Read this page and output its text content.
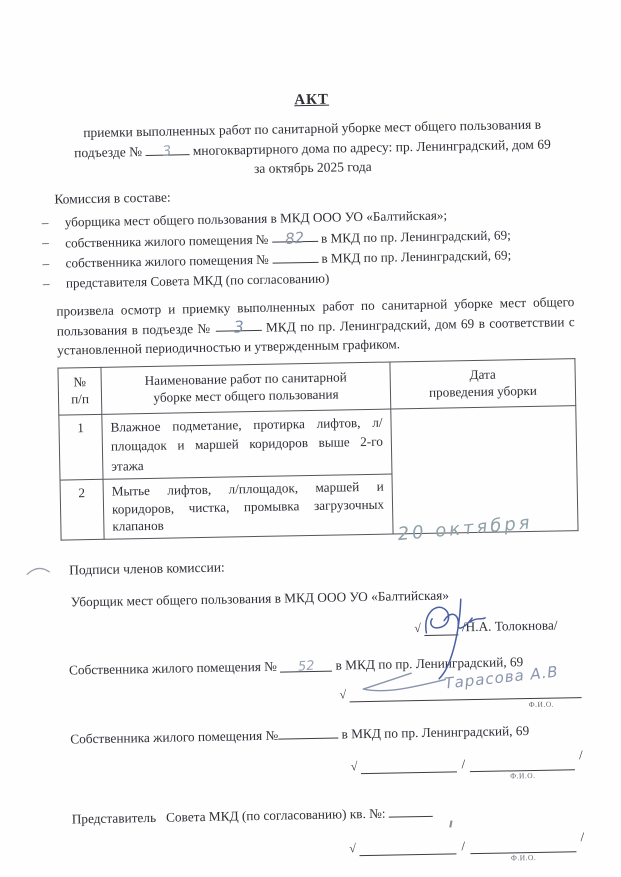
АКТ
приемки выполненных работ по санитарной уборке мест общего пользования в
подъезде № 3 многоквартирного дома по адресу: пр. Ленинградский, дом 69
за октябрь 2025 года
Комиссия в составе:
–	уборщика мест общего пользования в МКД ООО УО «Балтийская»;
–	собственника жилого помещения № 82 в МКД по пр. Ленинградский, 69;
–	собственника жилого помещения №	в МКД по пр. Ленинградский, 69;
–	представителя Совета МКД (по согласованию)
произвела осмотр и приемку выполненных работ по санитарной уборке мест общего пользования в подъезде № 3 МКД по пр. Ленинградский, дом 69 в соответствии с установленной периодичностью и утвержденным графиком.
№
п/п	Наименование работ по санитарной уборке мест общего пользования	Дата
проведения уборки

1	Влажное подметание, протирка лифтов, л/площадок и маршей коридоров выше 2-го этажа	20 октября

2	Мытье лифтов, л/площадок, маршей и коридоров, чистка, промывка загрузочных клапанов	
Подписи членов комиссии:
Уборщик мест общего пользования в МКД ООО УО «Балтийская»
√	/Н.А. Толокнова/
Собственника жилого помещения № 52 в МКД по пр. Ленинградский, 69
√
Тарасова А.В
Ф.И.О.
Собственника жилого помещения №	в МКД по пр. Ленинградский, 69
√	/
Ф.И.О.
/
Представитель   Совета МКД (по согласованию) кв. №:
√	/
Ф.И.О.
/
